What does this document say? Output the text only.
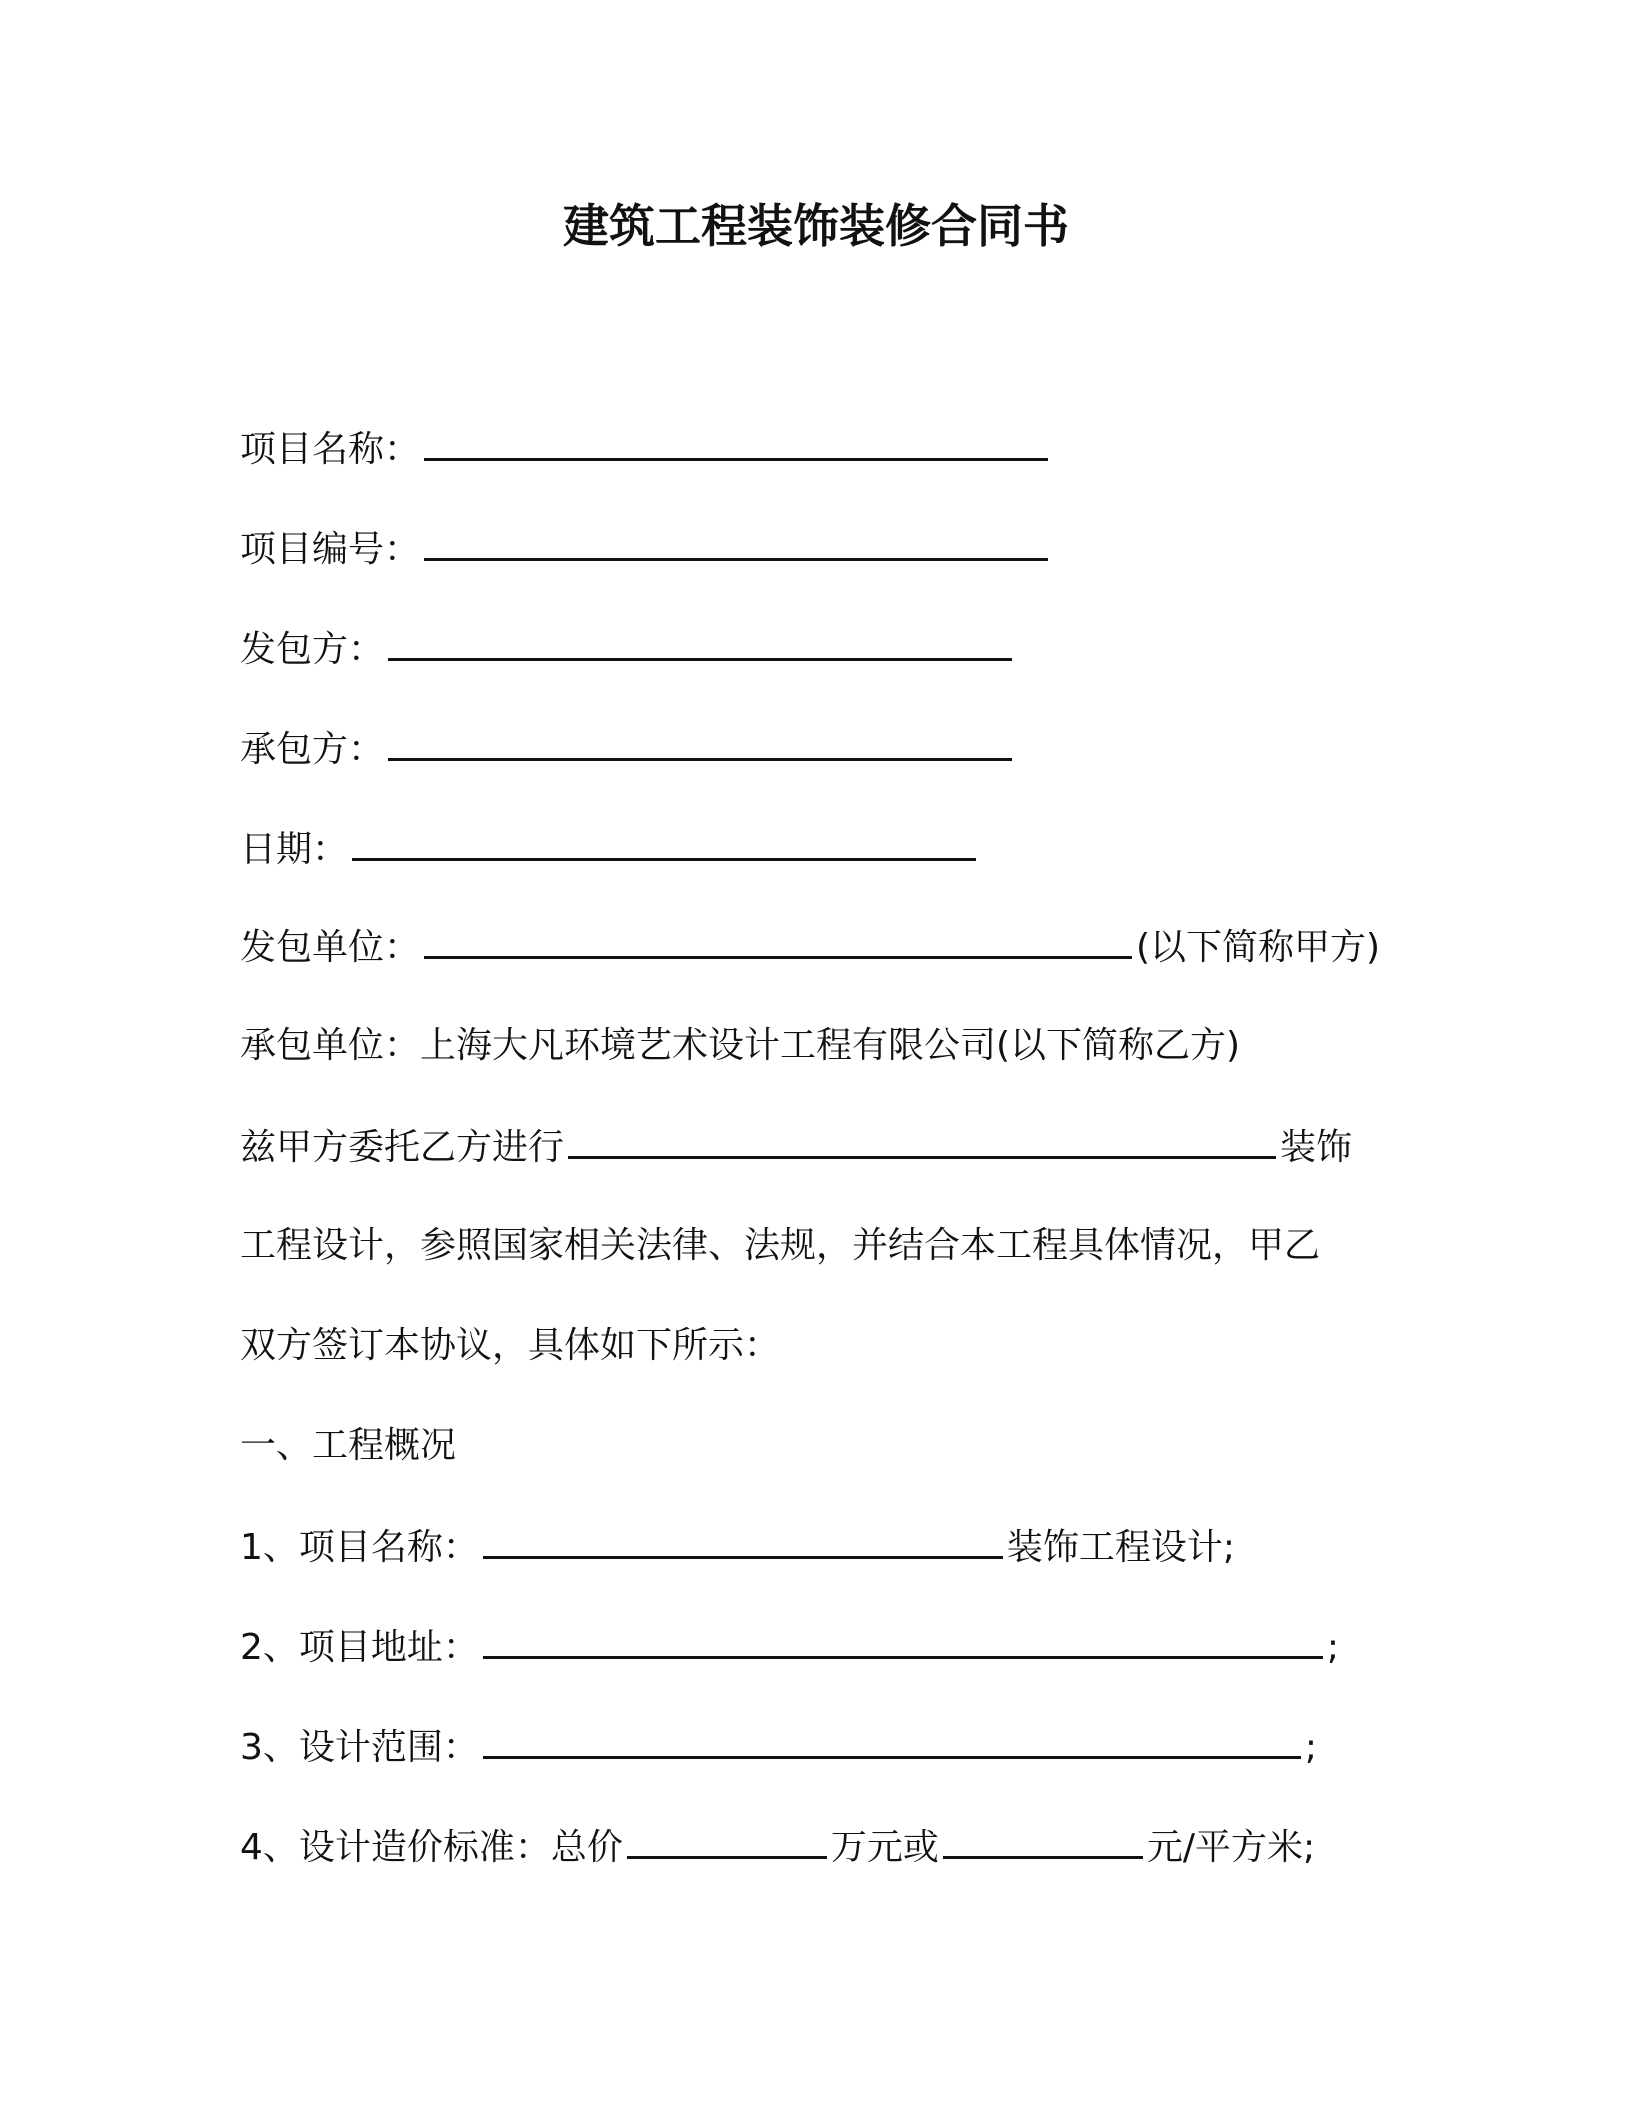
建筑工程装饰装修合同书

项目名称：

项目编号：

发包方：

承包方：

日期：

发包单位：	(以下简称甲方)

承包单位：上海大凡环境艺术设计工程有限公司(以下简称乙方)

兹甲方委托乙方进行	装饰

工程设计，参照国家相关法律、法规，并结合本工程具体情况，甲乙

双方签订本协议，具体如下所示：

一、工程概况

1、项目名称：	装饰工程设计;

2、项目地址：	;

3、设计范围：	;

4、设计造价标准：总价	万元或	元/平方米;
